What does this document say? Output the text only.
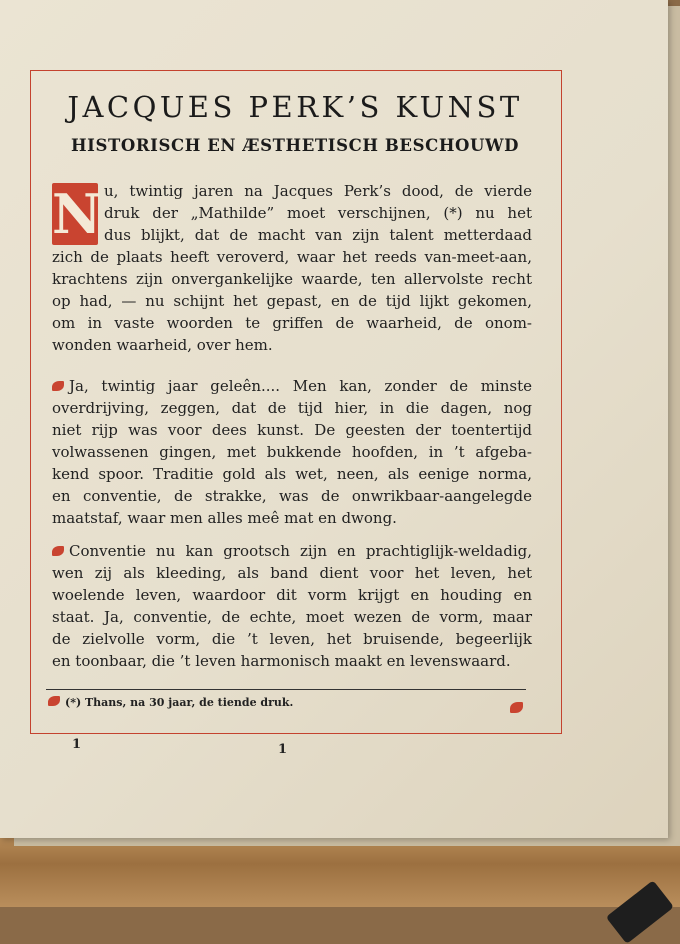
JACQUES PERK’S KUNST
HISTORISCH EN ÆSTHETISCH BESCHOUWD
N u, twintig jaren na Jacques Perk’s dood, de vierde
druk der „Mathilde” moet verschijnen, (*) nu het
dus blijkt, dat de macht van zijn talent metterdaad
zich de plaats heeft veroverd, waar het reeds van-meet-aan,
krachtens zijn onvergankelijke waarde, ten allervolste recht
op had, — nu schijnt het gepast, en de tijd lijkt gekomen,
om in vaste woorden te griffen de waarheid, de onom-
wonden waarheid, over hem.
Ja, twintig jaar geleên.... Men kan, zonder de minste
overdrijving, zeggen, dat de tijd hier, in die dagen, nog
niet rijp was voor dees kunst. De geesten der toentertijd
volwassenen gingen, met bukkende hoofden, in ’t afgeba-
kend spoor. Traditie gold als wet, neen, als eenige norma,
en conventie, de strakke, was de onwrikbaar-aangelegde
maatstaf, waar men alles meê mat en dwong.
Conventie nu kan grootsch zijn en prachtiglijk-weldadig,
wen zij als kleeding, als band dient voor het leven, het
woelende leven, waardoor dit vorm krijgt en houding en
staat. Ja, conventie, de echte, moet wezen de vorm, maar
de zielvolle vorm, die ’t leven, het bruisende, begeerlijk
en toonbaar, die ’t leven harmonisch maakt en levenswaard.
(*) Thans, na 30 jaar, de tiende druk.
1	1
